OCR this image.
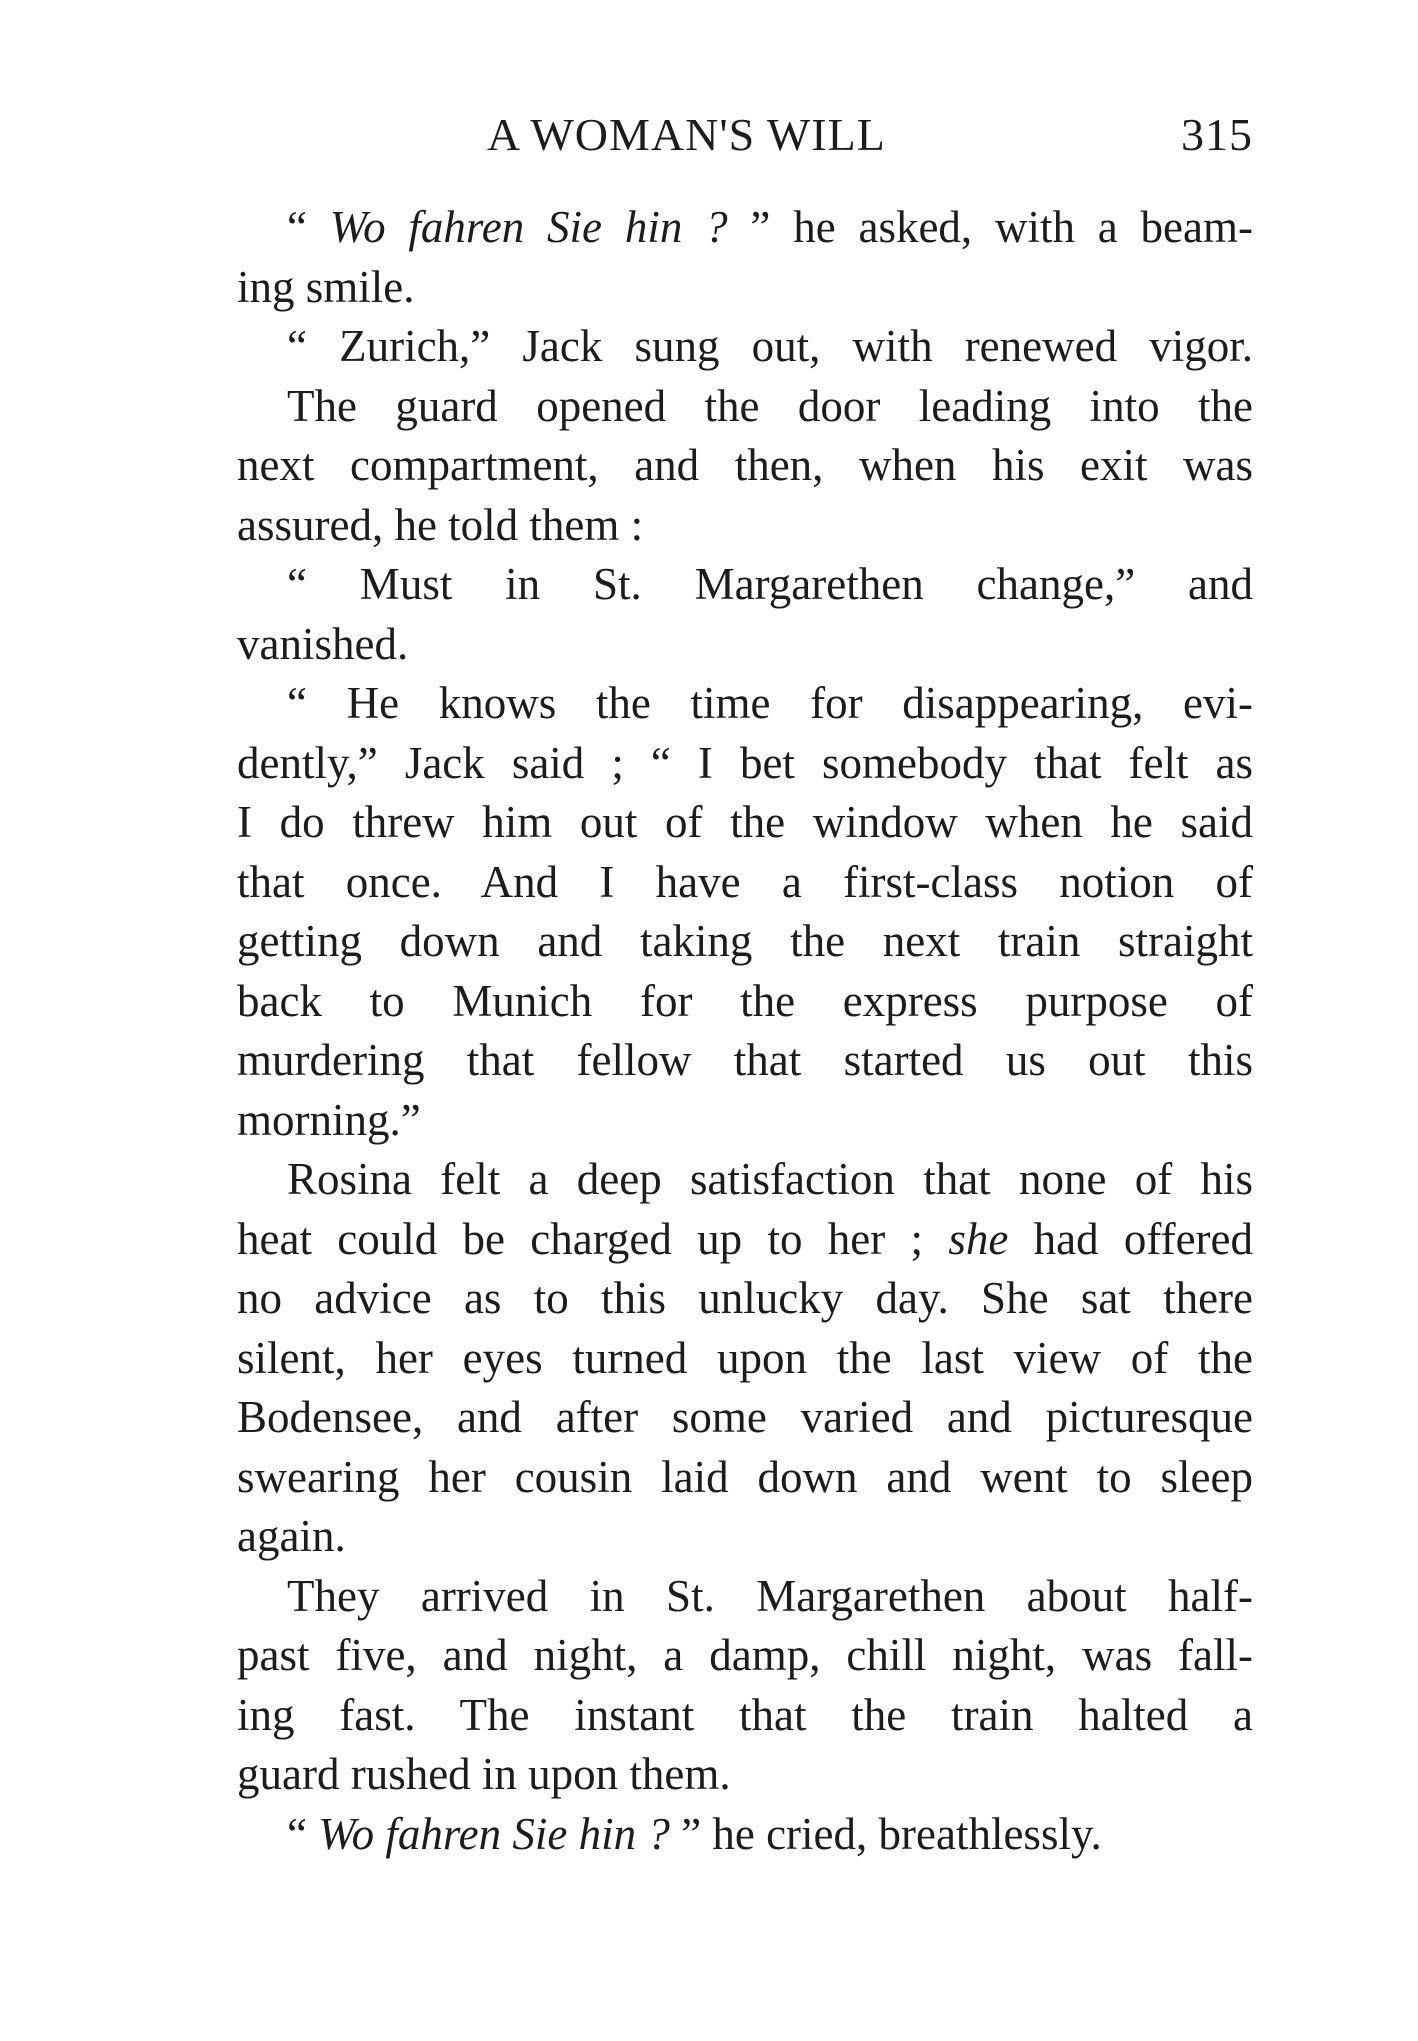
A WOMAN'S WILL	315
“ Wo fahren Sie hin ? ” he asked, with a beam-
ing smile.
“ Zurich,” Jack sung out, with renewed vigor.
The guard opened the door leading into the
next compartment, and then, when his exit was
assured, he told them :
“ Must in St. Margarethen change,” and
vanished.
“ He knows the time for disappearing, evi-
dently,” Jack said ; “ I bet somebody that felt as
I do threw him out of the window when he said
that once. And I have a first-class notion of
getting down and taking the next train straight
back to Munich for the express purpose of
murdering that fellow that started us out this
morning.”
Rosina felt a deep satisfaction that none of his
heat could be charged up to her ; she had offered
no advice as to this unlucky day. She sat there
silent, her eyes turned upon the last view of the
Bodensee, and after some varied and picturesque
swearing her cousin laid down and went to sleep
again.
They arrived in St. Margarethen about half-
past five, and night, a damp, chill night, was fall-
ing fast. The instant that the train halted a
guard rushed in upon them.
“ Wo fahren Sie hin ? ” he cried, breathlessly.
